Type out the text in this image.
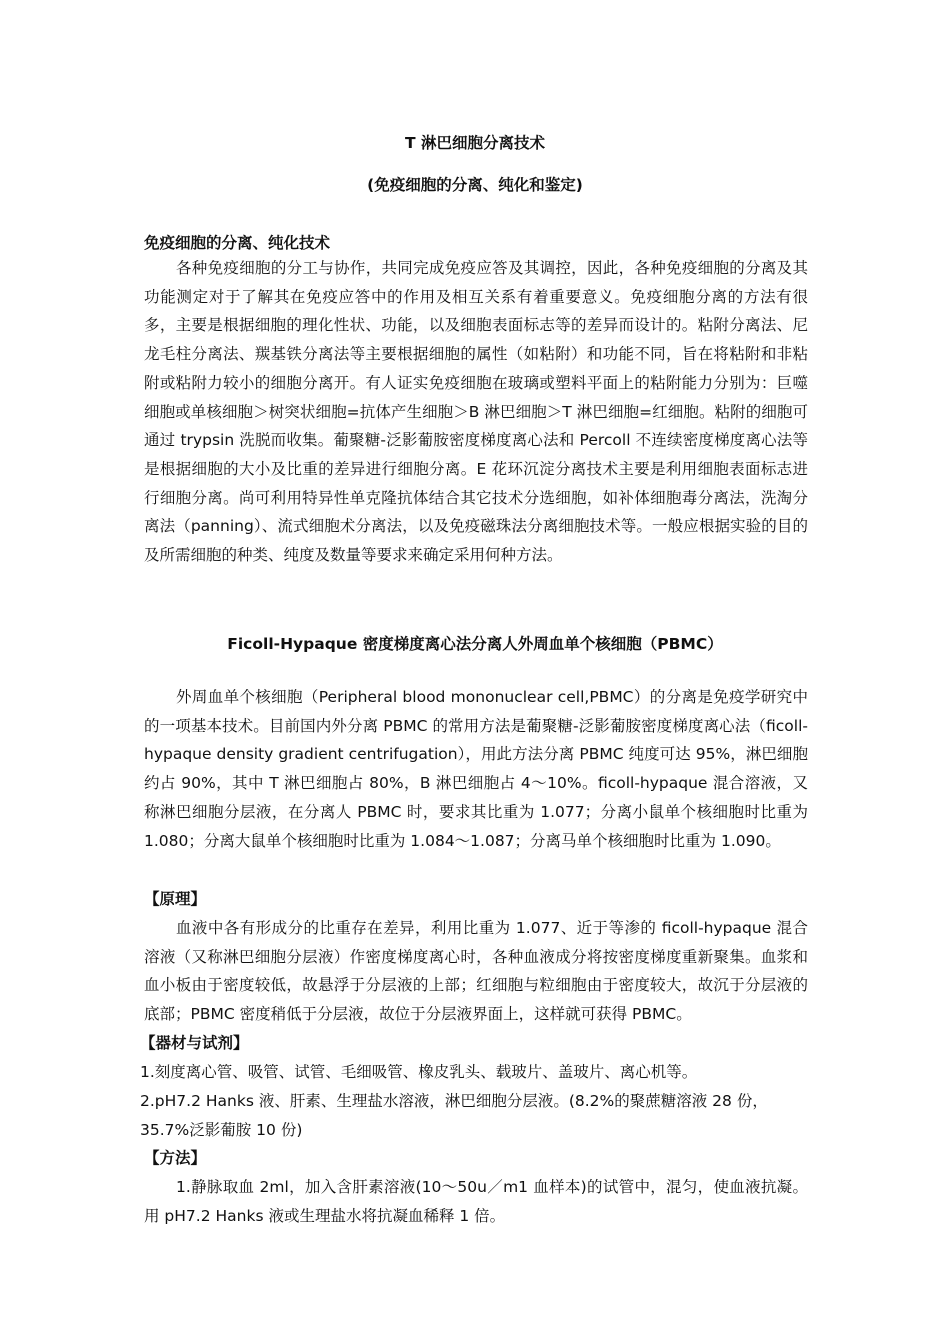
T 淋巴细胞分离技术
(免疫细胞的分离、纯化和鉴定)
免疫细胞的分离、纯化技术

各种免疫细胞的分工与协作，共同完成免疫应答及其调控，因此，各种免疫细胞的分离及其功能测定对于了解其在免疫应答中的作用及相互关系有着重要意义。免疫细胞分离的方法有很多，主要是根据细胞的理化性状、功能，以及细胞表面标志等的差异而设计的。粘附分离法、尼龙毛柱分离法、羰基铁分离法等主要根据细胞的属性（如粘附）和功能不同，旨在将粘附和非粘附或粘附力较小的细胞分离开。有人证实免疫细胞在玻璃或塑料平面上的粘附能力分别为：巨噬细胞或单核细胞＞树突状细胞=抗体产生细胞＞B 淋巴细胞＞T 淋巴细胞=红细胞。粘附的细胞可通过 trypsin 洗脱而收集。葡聚糖-泛影葡胺密度梯度离心法和 Percoll 不连续密度梯度离心法等是根据细胞的大小及比重的差异进行细胞分离。E 花环沉淀分离技术主要是利用细胞表面标志进行细胞分离。尚可利用特异性单克隆抗体结合其它技术分选细胞，如补体细胞毒分离法，洗淘分离法（panning）、流式细胞术分离法，以及免疫磁珠法分离细胞技术等。一般应根据实验的目的及所需细胞的种类、纯度及数量等要求来确定采用何种方法。

Ficoll-Hypaque 密度梯度离心法分离人外周血单个核细胞（PBMC）

外周血单个核细胞（Peripheral blood mononuclear cell,PBMC）的分离是免疫学研究中的一项基本技术。目前国内外分离 PBMC 的常用方法是葡聚糖-泛影葡胺密度梯度离心法（ficoll-hypaque density gradient centrifugation），用此方法分离 PBMC 纯度可达 95%，淋巴细胞约占 90%，其中 T 淋巴细胞占 80%，B 淋巴细胞占 4～10%。ficoll-hypaque 混合溶液，又称淋巴细胞分层液，在分离人 PBMC 时，要求其比重为 1.077；分离小鼠单个核细胞时比重为 1.080；分离大鼠单个核细胞时比重为 1.084～1.087；分离马单个核细胞时比重为 1.090。

【原理】

血液中各有形成分的比重存在差异，利用比重为 1.077、近于等渗的 ficoll-hypaque 混合溶液（又称淋巴细胞分层液）作密度梯度离心时，各种血液成分将按密度梯度重新聚集。血浆和血小板由于密度较低，故悬浮于分层液的上部；红细胞与粒细胞由于密度较大，故沉于分层液的底部；PBMC 密度稍低于分层液，故位于分层液界面上，这样就可获得 PBMC。

【器材与试剂】
1.刻度离心管、吸管、试管、毛细吸管、橡皮乳头、载玻片、盖玻片、离心机等。
2.pH7.2 Hanks 液、肝素、生理盐水溶液，淋巴细胞分层液。(8.2%的聚蔗糖溶液 28 份，35.7%泛影葡胺 10 份)
【方法】

1.静脉取血 2ml，加入含肝素溶液(10～50u／m1 血样本)的试管中，混匀，使血液抗凝。用 pH7.2 Hanks 液或生理盐水将抗凝血稀释 1 倍。
